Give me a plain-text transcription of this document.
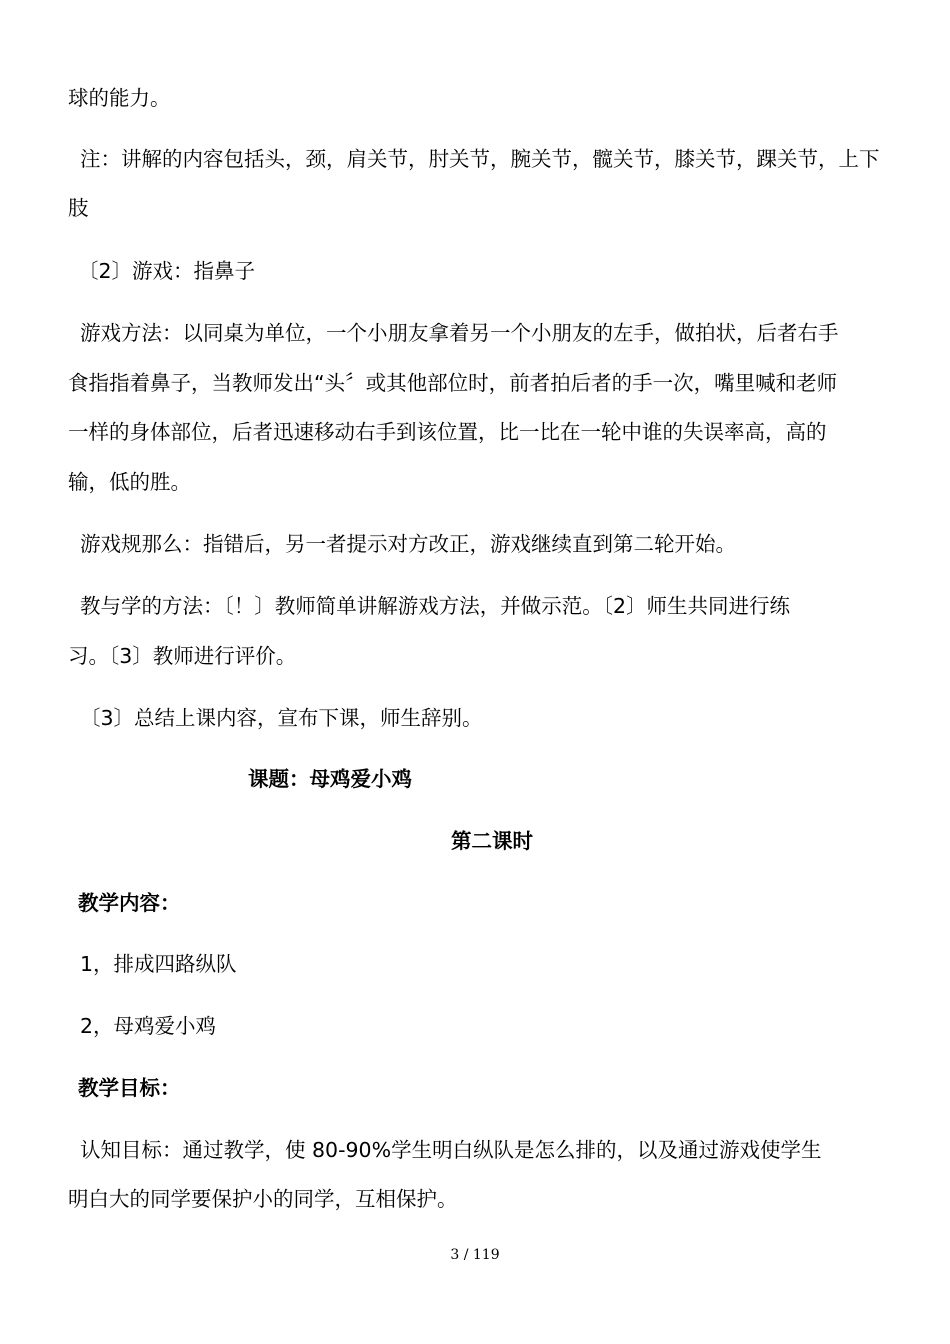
球的能力。
注：讲解的内容包括头，颈，肩关节，肘关节，腕关节，髋关节，膝关节，踝关节，上下
肢
〔2〕游戏：指鼻子
游戏方法：以同桌为单位，一个小朋友拿着另一个小朋友的左手，做拍状，后者右手
食指指着鼻子，当教师发出“头〞或其他部位时，前者拍后者的手一次，嘴里喊和老师
一样的身体部位，后者迅速移动右手到该位置，比一比在一轮中谁的失误率高，高的
输，低的胜。
游戏规那么：指错后，另一者提示对方改正，游戏继续直到第二轮开始。
教与学的方法：〔！〕教师简单讲解游戏方法，并做示范。〔2〕师生共同进行练
习。〔3〕教师进行评价。
〔3〕总结上课内容，宣布下课，师生辞别。
课题：母鸡爱小鸡
第二课时
教学内容：
1，排成四路纵队
2，母鸡爱小鸡
教学目标：
认知目标：通过教学，使 80-90%学生明白纵队是怎么排的，以及通过游戏使学生
明白大的同学要保护小的同学，互相保护。
3 / 119
